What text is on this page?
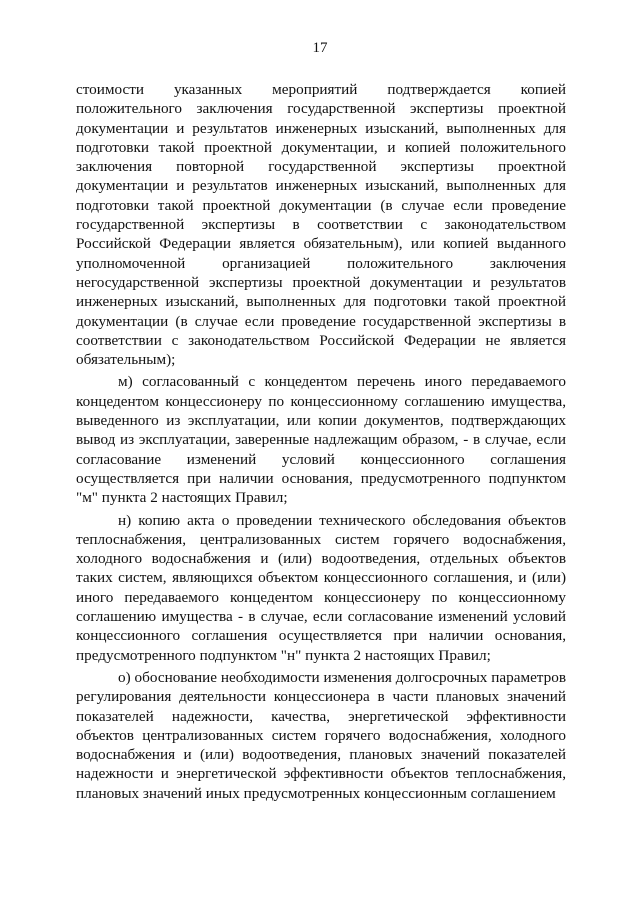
17

стоимости указанных мероприятий подтверждается копией положительного заключения государственной экспертизы проектной документации и результатов инженерных изысканий, выполненных для подготовки такой проектной документации, и копией положительного заключения повторной государственной экспертизы проектной документации и результатов инженерных изысканий, выполненных для подготовки такой проектной документации (в случае если проведение государственной экспертизы в соответствии с законодательством Российской Федерации является обязательным), или копией выданного уполномоченной организацией положительного заключения негосударственной экспертизы проектной документации и результатов инженерных изысканий, выполненных для подготовки такой проектной документации (в случае если проведение государственной экспертизы в соответствии с законодательством Российской Федерации не является обязательным);

м) согласованный с концедентом перечень иного передаваемого концедентом концессионеру по концессионному соглашению имущества, выведенного из эксплуатации, или копии документов, подтверждающих вывод из эксплуатации, заверенные надлежащим образом, - в случае, если согласование изменений условий концессионного соглашения осуществляется при наличии основания, предусмотренного подпунктом "м" пункта 2 настоящих Правил;

н) копию акта о проведении технического обследования объектов теплоснабжения, централизованных систем горячего водоснабжения, холодного водоснабжения и (или) водоотведения, отдельных объектов таких систем, являющихся объектом концессионного соглашения, и (или) иного передаваемого концедентом концессионеру по концессионному соглашению имущества - в случае, если согласование изменений условий концессионного соглашения осуществляется при наличии основания, предусмотренного подпунктом "н" пункта 2 настоящих Правил;

о) обоснование необходимости изменения долгосрочных параметров регулирования деятельности концессионера в части плановых значений показателей надежности, качества, энергетической эффективности объектов централизованных систем горячего водоснабжения, холодного водоснабжения и (или) водоотведения, плановых значений показателей надежности и энергетической эффективности объектов теплоснабжения, плановых значений иных предусмотренных концессионным соглашением
